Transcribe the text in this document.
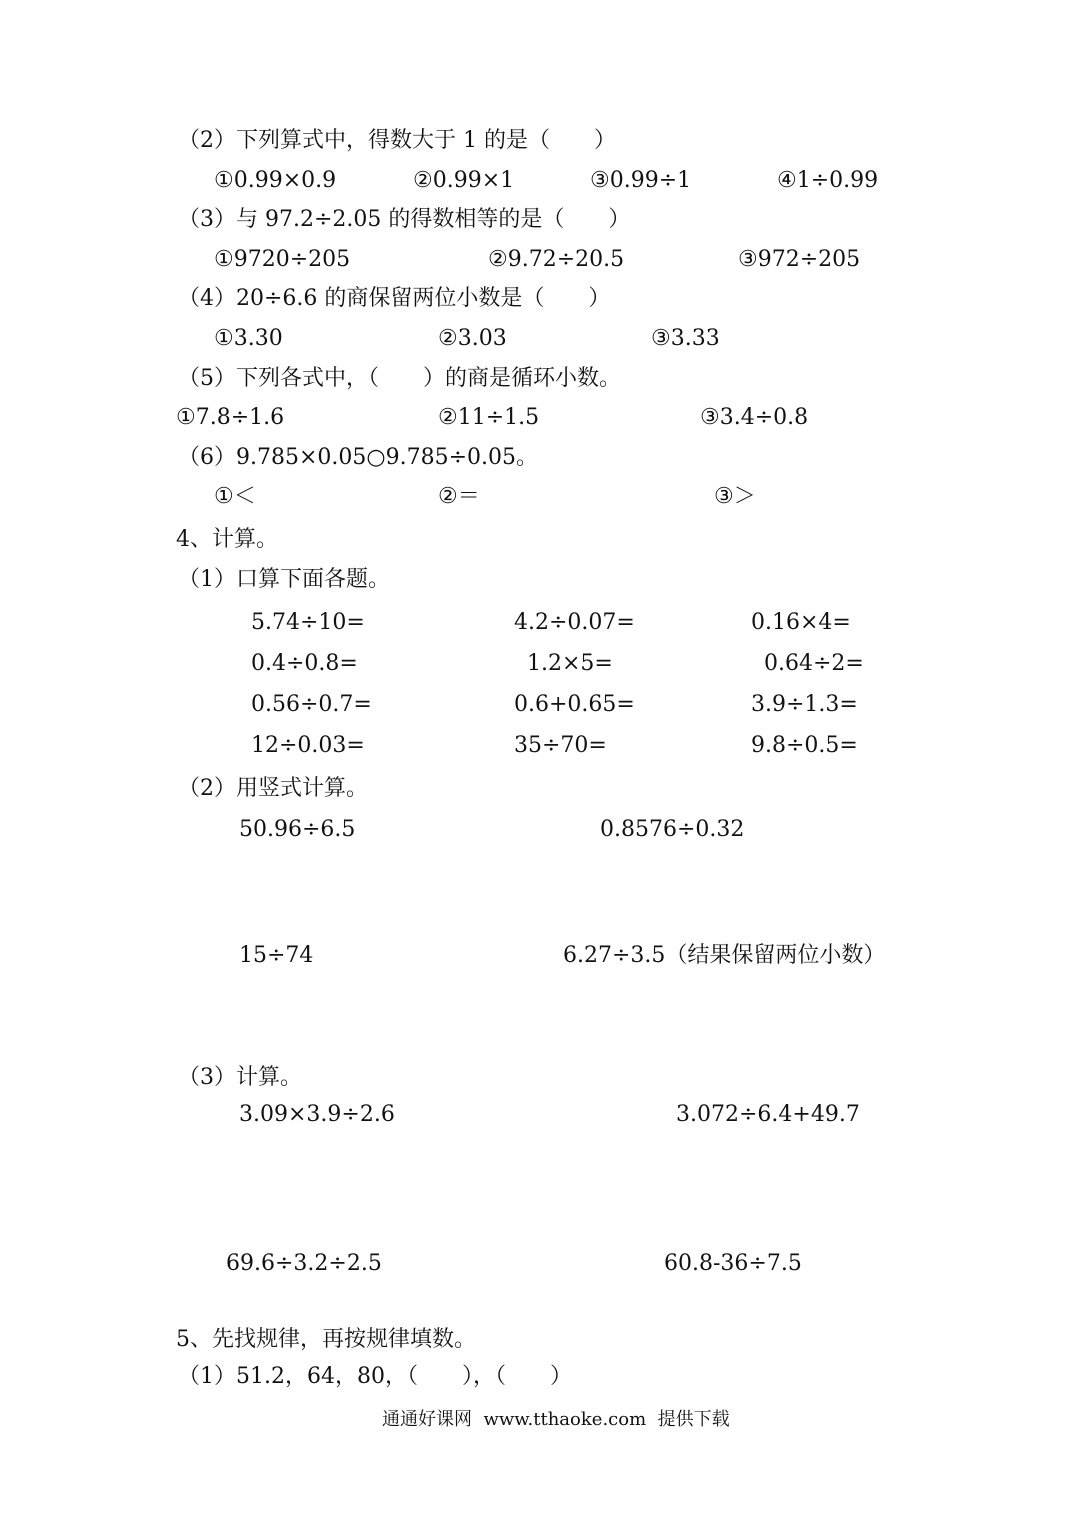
（2）下列算式中，得数大于 1 的是（　　）
①0.99×0.9	②0.99×1	③0.99÷1	④1÷0.99
（3）与 97.2÷2.05 的得数相等的是（　　）
①9720÷205	②9.72÷20.5	③972÷205
（4）20÷6.6 的商保留两位小数是（　　）
①3.30	②3.03	③3.33
（5）下列各式中，（　　）的商是循环小数。
①7.8÷1.6	②11÷1.5	③3.4÷0.8
（6）9.785×0.05○9.785÷0.05。
①＜	②＝	③＞
4、计算。
（1）口算下面各题。
5.74÷10=	4.2÷0.07=	0.16×4=
0.4÷0.8=	1.2×5=	0.64÷2=
0.56÷0.7=	0.6+0.65=	3.9÷1.3=
12÷0.03=	35÷70=	9.8÷0.5=
（2）用竖式计算。
50.96÷6.5	0.8576÷0.32
15÷74	6.27÷3.5（结果保留两位小数）
（3）计算。
3.09×3.9÷2.6	3.072÷6.4+49.7
69.6÷3.2÷2.5	60.8-36÷7.5
5、先找规律，再按规律填数。
（1）51.2，64，80，（　　），（　　）
通通好课网  www.tthaoke.com  提供下载
